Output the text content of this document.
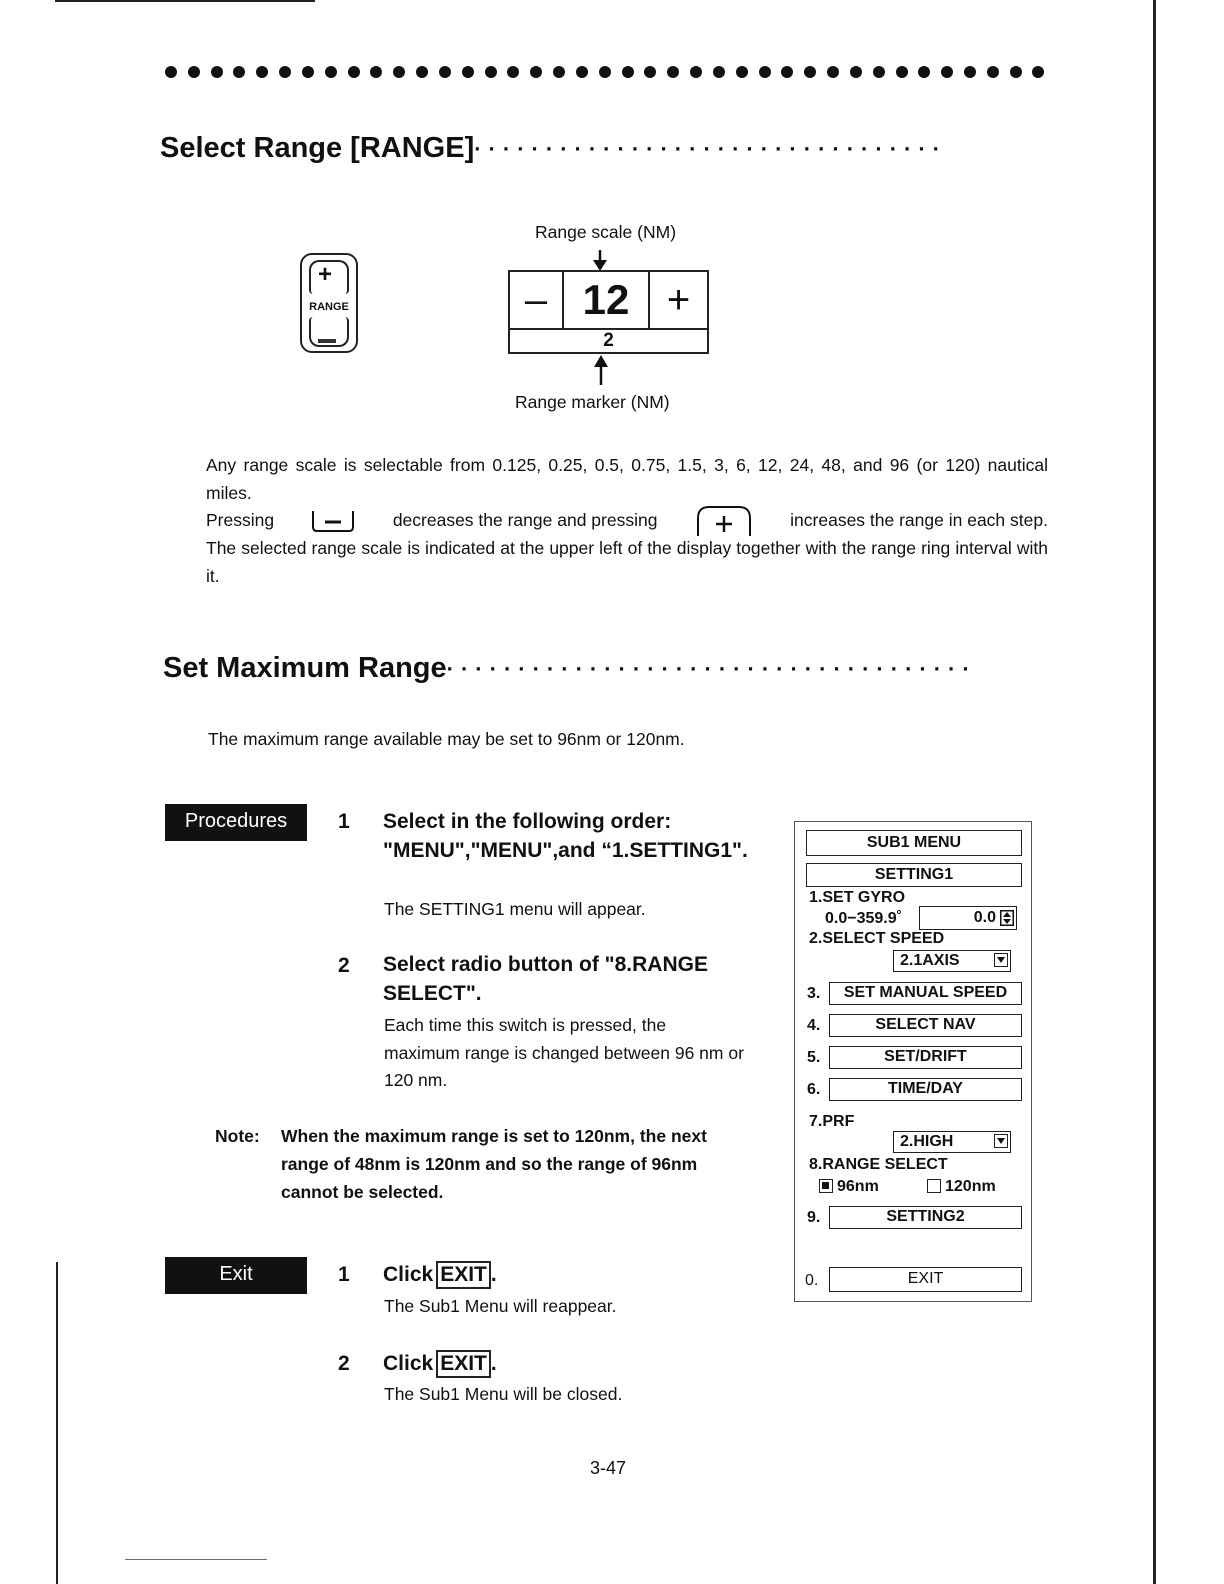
Select Range [RANGE]·································
Range scale (NM)
+
RANGE	– 12 +
2
Range marker (NM)
Any range scale is selectable from 0.125, 0.25, 0.5, 0.75, 1.5, 3, 6, 12, 24, 48, and 96 (or 120) nautical miles.
Pressing	decreases the range and pressing	increases the range in each step.
The selected range scale is indicated at the upper left of the display together with the range ring interval with it.
Set Maximum Range·····································
The maximum range available may be set to 96nm or 120nm.
Procedures	1 Select in the following order:
"MENU","MENU",and “1.SETTING1".
The SETTING1 menu will appear.
2 Select radio button of "8.RANGE
SELECT".
Each time this switch is pressed, the
maximum range is changed between 96 nm or
120 nm.
Note: When the maximum range is set to 120nm, the next
range of 48nm is 120nm and so the range of 96nm
cannot be selected.
Exit	1 Click EXIT .
The Sub1 Menu will reappear.
2 Click EXIT .
The Sub1 Menu will be closed.
SUB1 MENU
SETTING1
1.SET GYRO
0.0−359.9˚	0.0
2.SELECT SPEED
2.1AXIS
3.	SET MANUAL SPEED
4.	SELECT NAV
5.	SET/DRIFT
6.	TIME/DAY
7.PRF
2.HIGH
8.RANGE SELECT
96nm	120nm
9.	SETTING2
0.	EXIT
3-47
